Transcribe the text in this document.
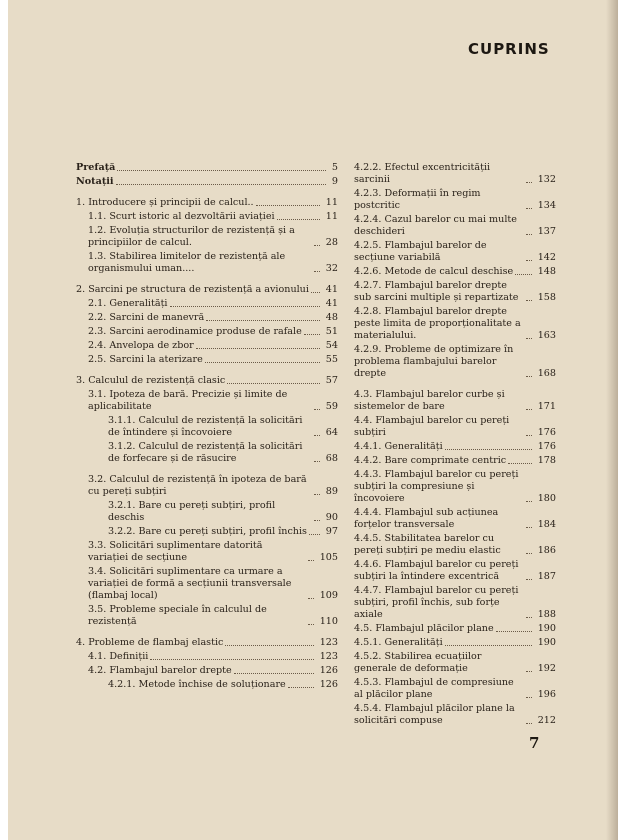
CUPRINS
Prefață	5
Notații	9
1. Introducere și principii de calcul..	11
1.1. Scurt istoric al dezvoltării aviației	11
1.2. Evoluția structurilor de rezistență și a principiilor de calcul.	28
1.3. Stabilirea limitelor de rezistență ale organismului uman....	32
2. Sarcini pe structura de rezistență a avionului	41
2.1. Generalități	41
2.2. Sarcini de manevră	48
2.3. Sarcini aerodinamice produse de rafale	51
2.4. Anvelopa de zbor	54
2.5. Sarcini la aterizare	55
3. Calculul de rezistență clasic	57
3.1. Ipoteza de bară. Precizie și limite de aplicabilitate	59
3.1.1. Calculul de rezistență la solicitări de întindere și încovoiere	64
3.1.2. Calculul de rezistență la solicitări de forfecare și de răsucire	68
3.2. Calculul de rezistență în ipoteza de bară cu pereți subțiri	89
3.2.1. Bare cu pereți subțiri, profil deschis	90
3.2.2. Bare cu pereți subțiri, profil închis	97
3.3. Solicitări suplimentare datorită variației de secțiune	105
3.4. Solicitări suplimentare ca urmare a variației de formă a secțiunii transversale (flambaj local)	109
3.5. Probleme speciale în calculul de rezistență	110
4. Probleme de flambaj elastic	123
4.1. Definiții	123
4.2. Flambajul barelor drepte	126
4.2.1. Metode închise de soluționare	126
4.2.2. Efectul excentricității sarcinii	132
4.2.3. Deformații în regim postcritic	134
4.2.4. Cazul barelor cu mai multe deschideri	137
4.2.5. Flambajul barelor de secțiune variabilă	142
4.2.6. Metode de calcul deschise	148
4.2.7. Flambajul barelor drepte sub sarcini multiple și repartizate	158
4.2.8. Flambajul barelor drepte peste limita de proporționalitate a materialului.	163
4.2.9. Probleme de optimizare în problema flambajului barelor drepte	168
4.3. Flambajul barelor curbe și sistemelor de bare	171
4.4. Flambajul barelor cu pereți subțiri	176
4.4.1. Generalități	176
4.4.2. Bare comprimate centric	178
4.4.3. Flambajul barelor cu pereți subțiri la compresiune și încovoiere	180
4.4.4. Flambajul sub acțiunea forțelor transversale	184
4.4.5. Stabilitatea barelor cu pereți subțiri pe mediu elastic	186
4.4.6. Flambajul barelor cu pereți subțiri la întindere excentrică	187
4.4.7. Flambajul barelor cu pereți subțiri, profil închis, sub forțe axiale	188
4.5. Flambajul plăcilor plane	190
4.5.1. Generalități	190
4.5.2. Stabilirea ecuațiilor generale de deformație	192
4.5.3. Flambajul de compresiune al plăcilor plane	196
4.5.4. Flambajul plăcilor plane la solicitări compuse	212
7
